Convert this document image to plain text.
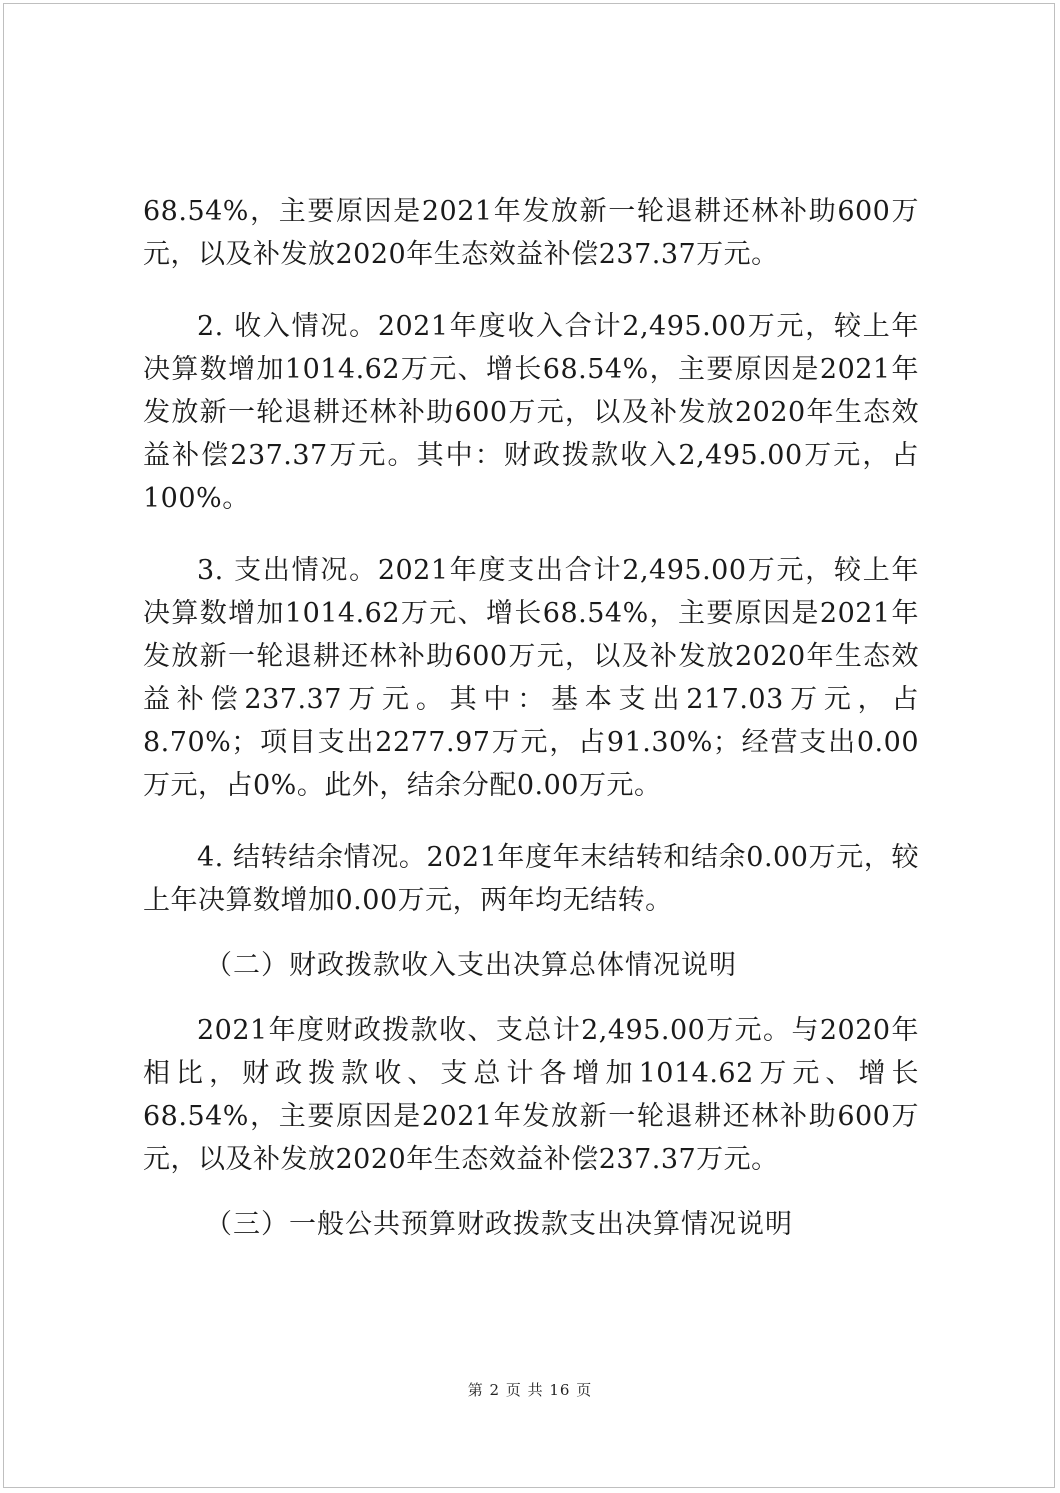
68.54%，主要原因是2021年发放新一轮退耕还林补助600万元，以及补发放2020年生态效益补偿237.37万元。

2. 收入情况。2021年度收入合计2,495.00万元，较上年决算数增加1014.62万元、增长68.54%，主要原因是2021年发放新一轮退耕还林补助600万元，以及补发放2020年生态效益补偿237.37万元。其中：财政拨款收入2,495.00万元，占100%。

3. 支出情况。2021年度支出合计2,495.00万元，较上年决算数增加1014.62万元、增长68.54%，主要原因是2021年发放新一轮退耕还林补助600万元，以及补发放2020年生态效益补偿237.37万元。其中：基本支出217.03万元，占8.70%；项目支出2277.97万元，占91.30%；经营支出0.00万元，占0%。此外，结余分配0.00万元。

4. 结转结余情况。2021年度年末结转和结余0.00万元，较上年决算数增加0.00万元，两年均无结转。

（二）财政拨款收入支出决算总体情况说明

2021年度财政拨款收、支总计2,495.00万元。与2020年相比，财政拨款收、支总计各增加1014.62万元、增长68.54%，主要原因是2021年发放新一轮退耕还林补助600万元，以及补发放2020年生态效益补偿237.37万元。

（三）一般公共预算财政拨款支出决算情况说明

第 2 页 共 16 页
